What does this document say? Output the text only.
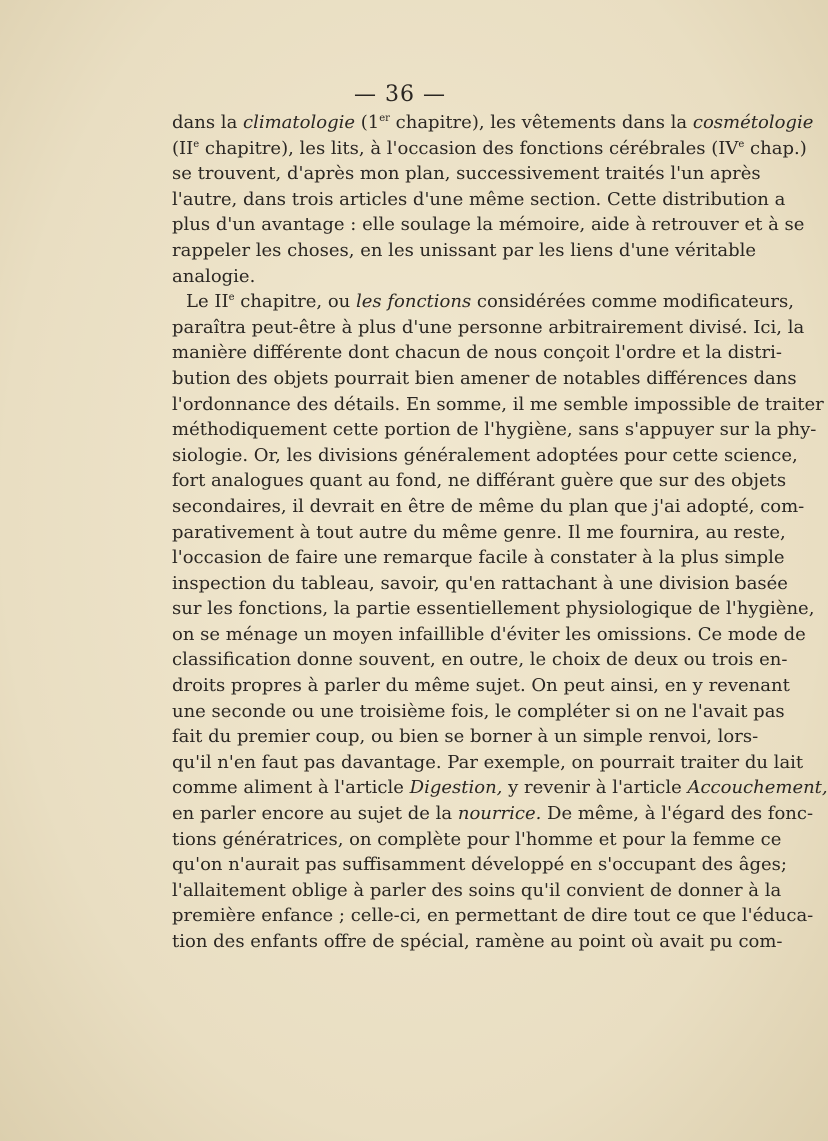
— 36 —
dans la climatologie (1er chapitre), les vêtements dans la cosmétologie
(IIe chapitre), les lits, à l'occasion des fonctions cérébrales (IVe chap.)
se trouvent, d'après mon plan, successivement traités l'un après
l'autre, dans trois articles d'une même section. Cette distribution a
plus d'un avantage : elle soulage la mémoire, aide à retrouver et à se
rappeler les choses, en les unissant par les liens d'une véritable
analogie.
Le IIe chapitre, ou les fonctions considérées comme modificateurs,
paraîtra peut-être à plus d'une personne arbitrairement divisé. Ici, la
manière différente dont chacun de nous conçoit l'ordre et la distri-
bution des objets pourrait bien amener de notables différences dans
l'ordonnance des détails. En somme, il me semble impossible de traiter
méthodiquement cette portion de l'hygiène, sans s'appuyer sur la phy-
siologie. Or, les divisions généralement adoptées pour cette science,
fort analogues quant au fond, ne différant guère que sur des objets
secondaires, il devrait en être de même du plan que j'ai adopté, com-
parativement à tout autre du même genre. Il me fournira, au reste,
l'occasion de faire une remarque facile à constater à la plus simple
inspection du tableau, savoir, qu'en rattachant à une division basée
sur les fonctions, la partie essentiellement physiologique de l'hygiène,
on se ménage un moyen infaillible d'éviter les omissions. Ce mode de
classification donne souvent, en outre, le choix de deux ou trois en-
droits propres à parler du même sujet. On peut ainsi, en y revenant
une seconde ou une troisième fois, le compléter si on ne l'avait pas
fait du premier coup, ou bien se borner à un simple renvoi, lors-
qu'il n'en faut pas davantage. Par exemple, on pourrait traiter du lait
comme aliment à l'article Digestion, y revenir à l'article Accouchement,
en parler encore au sujet de la nourrice. De même, à l'égard des fonc-
tions génératrices, on complète pour l'homme et pour la femme ce
qu'on n'aurait pas suffisamment développé en s'occupant des âges;
l'allaitement oblige à parler des soins qu'il convient de donner à la
première enfance ; celle-ci, en permettant de dire tout ce que l'éduca-
tion des enfants offre de spécial, ramène au point où avait pu com-
